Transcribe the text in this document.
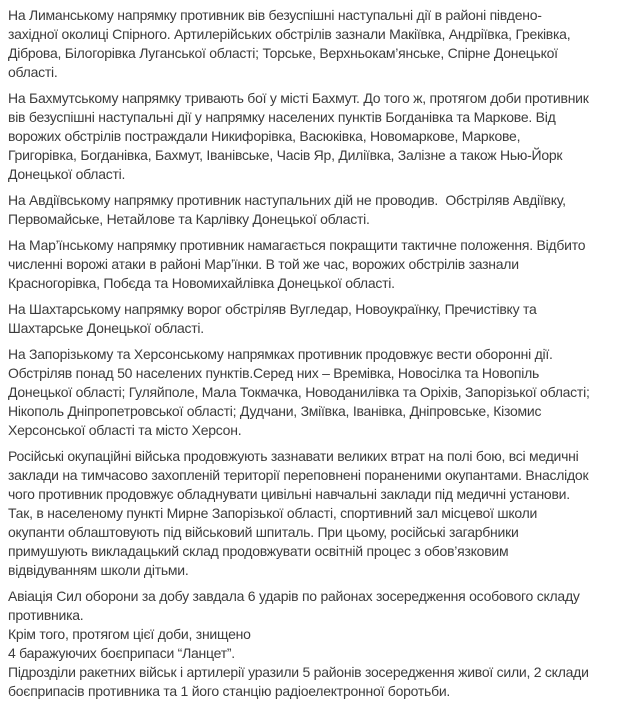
На Лиманському напрямку противник вів безуспішні наступальні дії в районі південо-
західної околиці Спірного. Артилерійських обстрілів зазнали Макіївка, Андріївка, Греківка,
Діброва, Білогорівка Луганської області; Торське, Верхньокам’янське, Спірне Донецької
області.
На Бахмутському напрямку тривають бої у місті Бахмут. До того ж, протягом доби противник
вів безуспішні наступальні дії у напрямку населених пунктів Богданівка та Маркове. Від
ворожих обстрілів постраждали Никифорівка, Васюківка, Новомаркове, Маркове,
Григорівка, Богданівка, Бахмут, Іванівське, Часів Яр, Диліївка, Залізне а також Нью-Йорк
Донецької області.
На Авдіївському напрямку противник наступальних дій не проводив.  Обстріляв Авдіївку,
Первомайське, Нетайлове та Карлівку Донецької області.
На Мар’їнському напрямку противник намагається покращити тактичне положення. Відбито
численні ворожі атаки в районі Мар’їнки. В той же час, ворожих обстрілів зазнали
Красногорівка, Побєда та Новомихайлівка Донецької області.
На Шахтарському напрямку ворог обстріляв Вугледар, Новоукраїнку, Пречистівку та
Шахтарське Донецької області.
На Запорізькому та Херсонському напрямках противник продовжує вести оборонні дії.
Обстріляв понад 50 населених пунктів.Серед них – Времівка, Новосілка та Новопіль
Донецької області; Гуляйполе, Мала Токмачка, Новоданилівка та Оріхів, Запорізької області;
Нікополь Дніпропетровської області; Дудчани, Зміївка, Іванівка, Дніпровське, Кізомис
Херсонської області та місто Херсон.
Російські окупаційні війська продовжують зазнавати великих втрат на полі бою, всі медичні
заклади на тимчасово захопленій території переповнені пораненими окупантами. Внаслідок
чого противник продовжує обладнувати цивільні навчальні заклади під медичні установи.
Так, в населеному пункті Мирне Запорізької області, спортивний зал місцевої школи
окупанти облаштовують під військовий шпиталь. При цьому, російські загарбники
примушують викладацький склад продовжувати освітній процес з обов’язковим
відвідуванням школи дітьми.
Авіація Сил оборони за добу завдала 6 ударів по районах зосередження особового складу
противника.
Крім того, протягом цієї доби, знищено
4 баражуючих боєприпаси “Ланцет”.
Підрозділи ракетних військ і артилерії уразили 5 районів зосередження живої сили, 2 склади
боєприпасів противника та 1 його станцію радіоелектронної боротьби.
